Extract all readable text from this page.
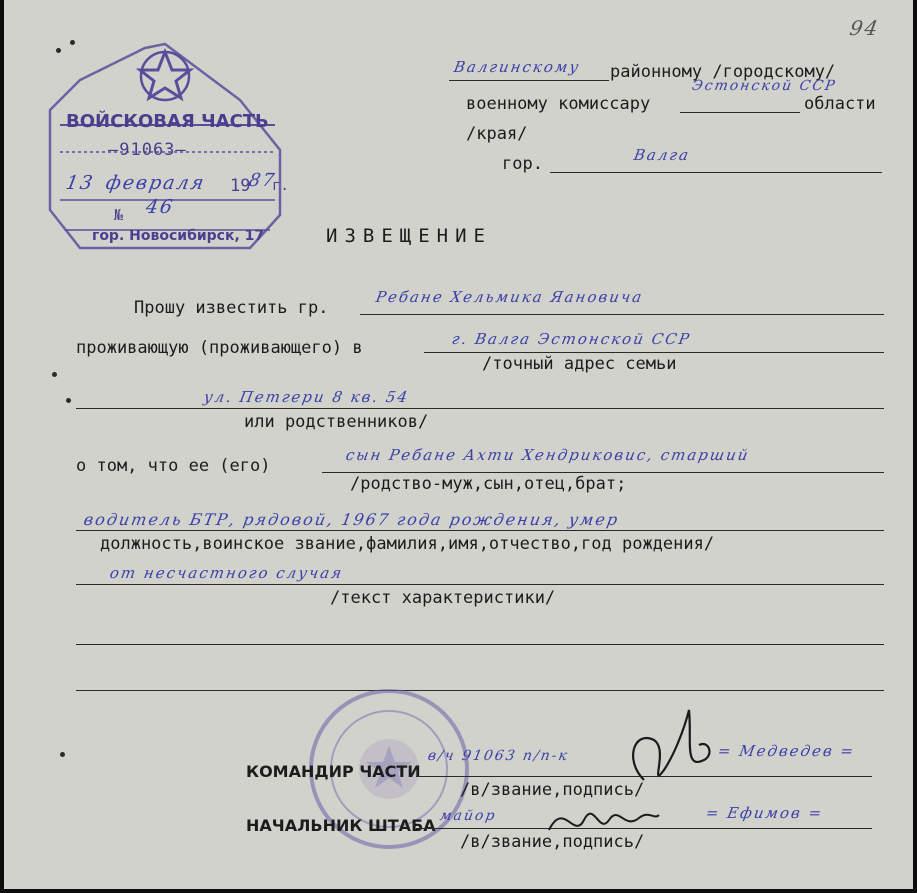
94
ВОЙСКОВАЯ ЧАСТЬ
—91063—
13 февраля 19
87
г.
№ 46
гор. Новосибирск, 17
Валгинскому районному /городскому/
Эстонской ССР
военному комиссару	области
/края/
гор.	Валга
ИЗВЕЩЕНИЕ
Прошу известить гр.
Ребане Хельмика Яановича
проживающую (проживающего) в	г. Валга Эстонской ССР
/точный адрес семьи
ул. Петгери 8 кв. 54
или родственников/
о том, что ее (его)
сын Ребане Ахти Хендриковис, старший
/родство-муж,сын,отец,брат;
водитель БТР, рядовой, 1967 года рождения, умер
должность,воинское звание,фамилия,имя,отчество,год рождения/
от несчастного случая
/текст характеристики/
КОМАНДИР ЧАСТИ
в/ч 91063 п/п-к	= Медведев =
/в/звание,подпись/
НАЧАЛЬНИК ШТАБА майор	= Ефимов =
/в/звание,подпись/
